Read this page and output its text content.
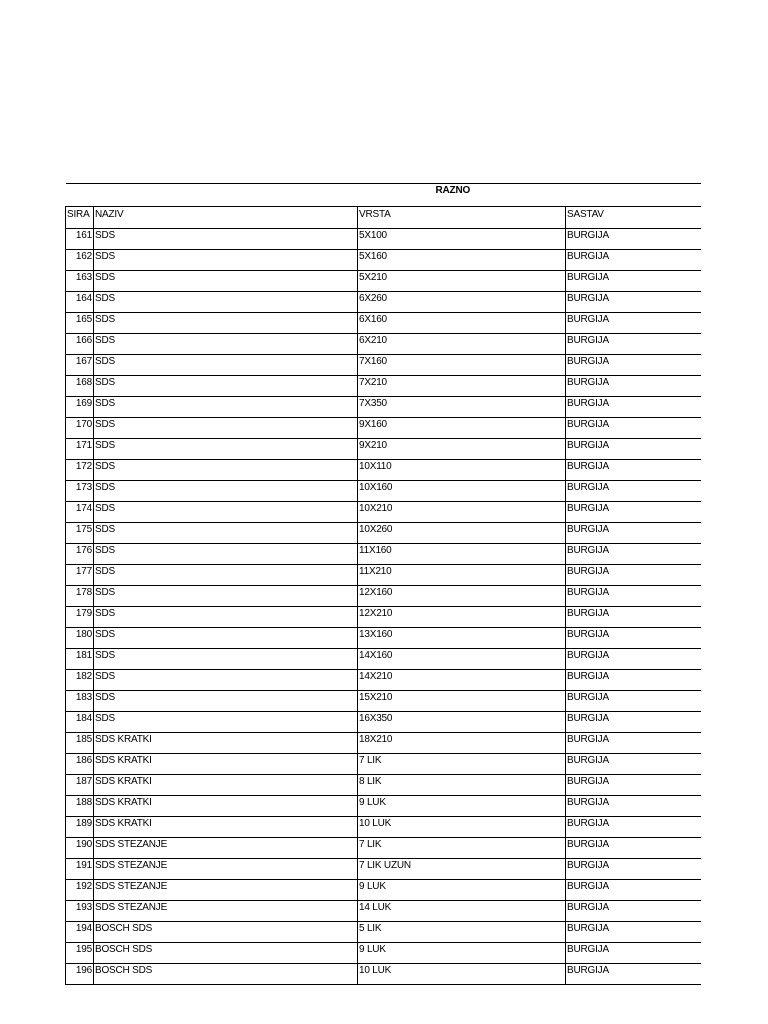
RAZNO			
SIRA	NAZIV	VRSTA	SASTAV
161	SDS	5X100	BURGIJA
162	SDS	5X160	BURGIJA
163	SDS	5X210	BURGIJA
164	SDS	6X260	BURGIJA
165	SDS	6X160	BURGIJA
166	SDS	6X210	BURGIJA
167	SDS	7X160	BURGIJA
168	SDS	7X210	BURGIJA
169	SDS	7X350	BURGIJA
170	SDS	9X160	BURGIJA
171	SDS	9X210	BURGIJA
172	SDS	10X110	BURGIJA
173	SDS	10X160	BURGIJA
174	SDS	10X210	BURGIJA
175	SDS	10X260	BURGIJA
176	SDS	11X160	BURGIJA
177	SDS	11X210	BURGIJA
178	SDS	12X160	BURGIJA
179	SDS	12X210	BURGIJA
180	SDS	13X160	BURGIJA
181	SDS	14X160	BURGIJA
182	SDS	14X210	BURGIJA
183	SDS	15X210	BURGIJA
184	SDS	16X350	BURGIJA
185	SDS KRATKI	18X210	BURGIJA
186	SDS KRATKI	7 LIK	BURGIJA
187	SDS KRATKI	8 LIK	BURGIJA
188	SDS KRATKI	9 LUK	BURGIJA
189	SDS KRATKI	10 LUK	BURGIJA
190	SDS STEZANJE	7 LIK	BURGIJA
191	SDS STEZANJE	7 LIK UZUN	BURGIJA
192	SDS STEZANJE	9 LUK	BURGIJA
193	SDS STEZANJE	14 LUK	BURGIJA
194	BOSCH SDS	5 LIK	BURGIJA
195	BOSCH SDS	9 LUK	BURGIJA
196	BOSCH SDS	10 LUK	BURGIJA
